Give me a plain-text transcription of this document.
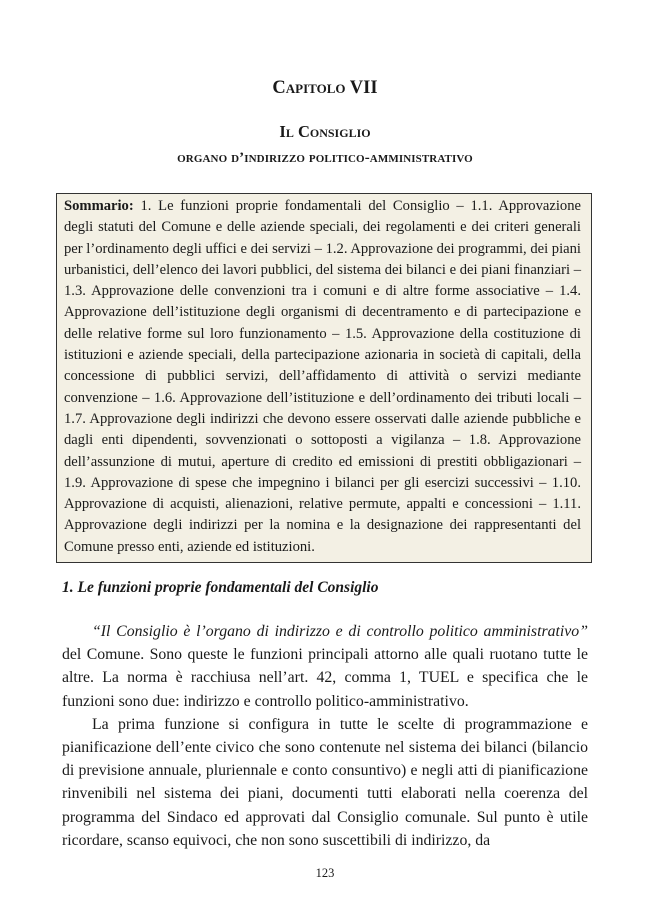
Capitolo VII
Il Consiglio
organo d’indirizzo politico-amministrativo
Sommario: 1. Le funzioni proprie fondamentali del Consiglio – 1.1. Approvazione degli statuti del Comune e delle aziende speciali, dei regolamenti e dei criteri generali per l’ordinamento degli uffici e dei servizi – 1.2. Approvazione dei programmi, dei piani urbanistici, dell’elenco dei lavori pubblici, del sistema dei bilanci e dei piani finanziari – 1.3. Approvazione delle convenzioni tra i comuni e di altre forme associative – 1.4. Approvazione dell’istituzione degli organismi di decentramento e di partecipazione e delle relative forme sul loro funzionamento – 1.5. Approvazione della costituzione di istituzioni e aziende speciali, della partecipazione azionaria in società di capitali, della concessione di pubblici servizi, dell’affidamento di attività o servizi mediante convenzione – 1.6. Approvazione dell’istituzione e dell’ordinamento dei tributi locali – 1.7. Approvazione degli indirizzi che devono essere osservati dalle aziende pubbliche e dagli enti dipendenti, sovvenzionati o sottoposti a vigilanza – 1.8. Approvazione dell’assunzione di mutui, aperture di credito ed emissioni di prestiti obbligazionari – 1.9. Approvazione di spese che impegnino i bilanci per gli esercizi successivi – 1.10. Approvazione di acquisti, alienazioni, relative permute, appalti e concessioni – 1.11. Approvazione degli indirizzi per la nomina e la designazione dei rappresentanti del Comune presso enti, aziende ed istituzioni.
1. Le funzioni proprie fondamentali del Consiglio

“Il Consiglio è l’organo di indirizzo e di controllo politico amministrativo” del Comune. Sono queste le funzioni principali attorno alle quali ruotano tutte le altre. La norma è racchiusa nell’art. 42, comma 1, TUEL e specifica che le funzioni sono due: indirizzo e controllo politico-amministrativo.

La prima funzione si configura in tutte le scelte di programmazione e pianificazione dell’ente civico che sono contenute nel sistema dei bilanci (bilancio di previsione annuale, pluriennale e conto consuntivo) e negli atti di pianificazione rinvenibili nel sistema dei piani, documenti tutti elaborati nella coerenza del programma del Sindaco ed approvati dal Consiglio comunale. Sul punto è utile ricordare, scanso equivoci, che non sono suscettibili di indirizzo, da

123
